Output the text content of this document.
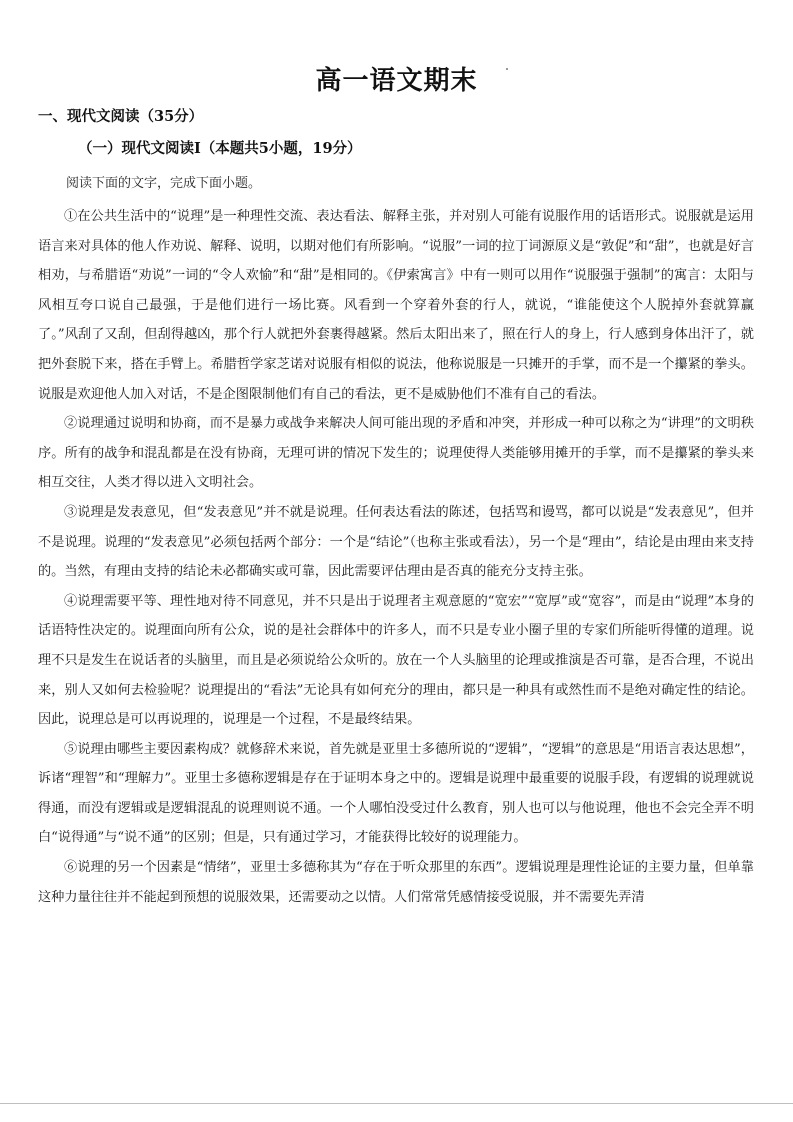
高一语文期末
一、现代文阅读（35分）
（一）现代文阅读Ⅰ（本题共5小题，19分）
阅读下面的文字，完成下面小题。

①在公共生活中的“说理”是一种理性交流、表达看法、解释主张，并对别人可能有说服作用的话语形式。说服就是运用语言来对具体的他人作劝说、解释、说明，以期对他们有所影响。“说服”一词的拉丁词源原义是“敦促”和“甜”，也就是好言相劝，与希腊语“劝说”一词的“令人欢愉”和“甜”是相同的。《伊索寓言》中有一则可以用作“说服强于强制”的寓言：太阳与风相互夸口说自己最强，于是他们进行一场比赛。风看到一个穿着外套的行人，就说，“谁能使这个人脱掉外套就算赢了。”风刮了又刮，但刮得越凶，那个行人就把外套裹得越紧。然后太阳出来了，照在行人的身上，行人感到身体出汗了，就把外套脱下来，搭在手臂上。希腊哲学家芝诺对说服有相似的说法，他称说服是一只摊开的手掌，而不是一个攥紧的拳头。说服是欢迎他人加入对话，不是企图限制他们有自己的看法，更不是威胁他们不准有自己的看法。

②说理通过说明和协商，而不是暴力或战争来解决人间可能出现的矛盾和冲突，并形成一种可以称之为“讲理”的文明秩序。所有的战争和混乱都是在没有协商，无理可讲的情况下发生的；说理使得人类能够用摊开的手掌，而不是攥紧的拳头来相互交往，人类才得以进入文明社会。

③说理是发表意见，但“发表意见”并不就是说理。任何表达看法的陈述，包括骂和谩骂，都可以说是“发表意见”，但并不是说理。说理的“发表意见”必须包括两个部分：一个是“结论”（也称主张或看法），另一个是“理由”，结论是由理由来支持的。当然，有理由支持的结论未必都确实或可靠，因此需要评估理由是否真的能充分支持主张。

④说理需要平等、理性地对待不同意见，并不只是出于说理者主观意愿的“宽宏”“宽厚”或“宽容”，而是由“说理”本身的话语特性决定的。说理面向所有公众，说的是社会群体中的许多人，而不只是专业小圈子里的专家们所能听得懂的道理。说理不只是发生在说话者的头脑里，而且是必须说给公众听的。放在一个人头脑里的论理或推演是否可靠，是否合理，不说出来，别人又如何去检验呢？说理提出的“看法”无论具有如何充分的理由，都只是一种具有或然性而不是绝对确定性的结论。因此，说理总是可以再说理的，说理是一个过程，不是最终结果。

⑤说理由哪些主要因素构成？就修辞术来说，首先就是亚里士多德所说的“逻辑”，“逻辑”的意思是“用语言表达思想”，诉诸“理智”和“理解力”。亚里士多德称逻辑是存在于证明本身之中的。逻辑是说理中最重要的说服手段，有逻辑的说理就说得通，而没有逻辑或是逻辑混乱的说理则说不通。一个人哪怕没受过什么教育，别人也可以与他说理，他也不会完全弄不明白“说得通”与“说不通”的区别；但是，只有通过学习，才能获得比较好的说理能力。

⑥说理的另一个因素是“情绪”，亚里士多德称其为“存在于听众那里的东西”。逻辑说理是理性论证的主要力量，但单靠这种力量往往并不能起到预想的说服效果，还需要动之以情。人们常常凭感情接受说服，并不需要先弄清
